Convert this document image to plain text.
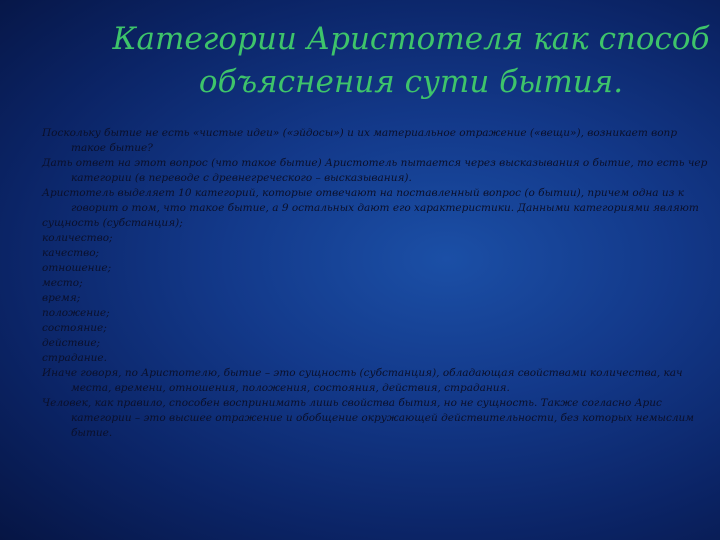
Категории Аристотеля как способ
объяснения сути бытия.
Поскольку бытие не есть «чистые идеи» («эйдосы») и их материальное отражение («вещи»), возникает вопр
такое бытие?
Дать ответ на этот вопрос (что такое бытие) Аристотель пытается через высказывания о бытие, то есть чер
категории (в переводе с древнегреческого – высказывания).
Аристотель выделяет 10 категорий, которые отвечают на поставленный вопрос (о бытии), причем одна из к
говорит о том, что такое бытие, а 9 остальных дают его характеристики. Данными категориями являют
сущность (субстанция);
количество;
качество;
отношение;
место;
время;
положение;
состояние;
действие;
страдание.
Иначе говоря, по Аристотелю, бытие – это сущность (субстанция), обладающая свойствами количества, кач
места, времени, отношения, положения, состояния, действия, страдания.
Человек, как правило, способен воспринимать лишь свойства бытия, но не сущность. Также согласно Арис
категории – это высшее отражение и обобщение окружающей действительности, без которых немыслим
бытие.
